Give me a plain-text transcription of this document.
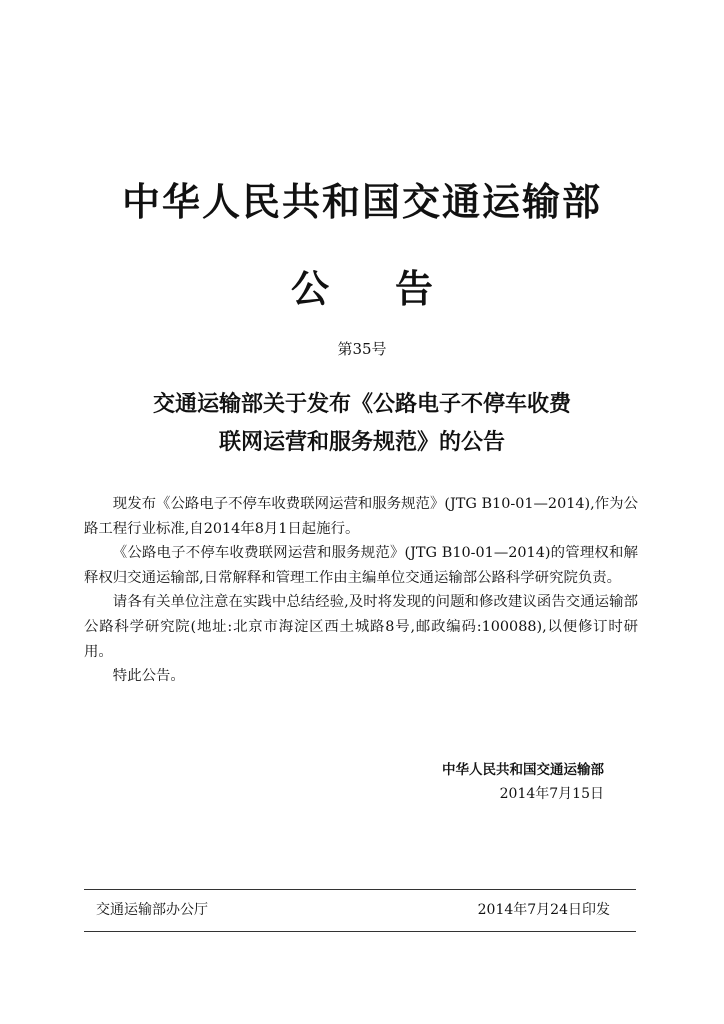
中华人民共和国交通运输部
公 告
第35号
交通运输部关于发布《公路电子不停车收费
联网运营和服务规范》的公告

现发布《公路电子不停车收费联网运营和服务规范》(JTG B10-01—2014),作为公路工程行业标准,自2014年8月1日起施行。

《公路电子不停车收费联网运营和服务规范》(JTG B10-01—2014)的管理权和解释权归交通运输部,日常解释和管理工作由主编单位交通运输部公路科学研究院负责。

请各有关单位注意在实践中总结经验,及时将发现的问题和修改建议函告交通运输部公路科学研究院(地址:北京市海淀区西土城路8号,邮政编码:100088),以便修订时研用。

特此公告。

中华人民共和国交通运输部
2014年7月15日
交通运输部办公厅	2014年7月24日印发
